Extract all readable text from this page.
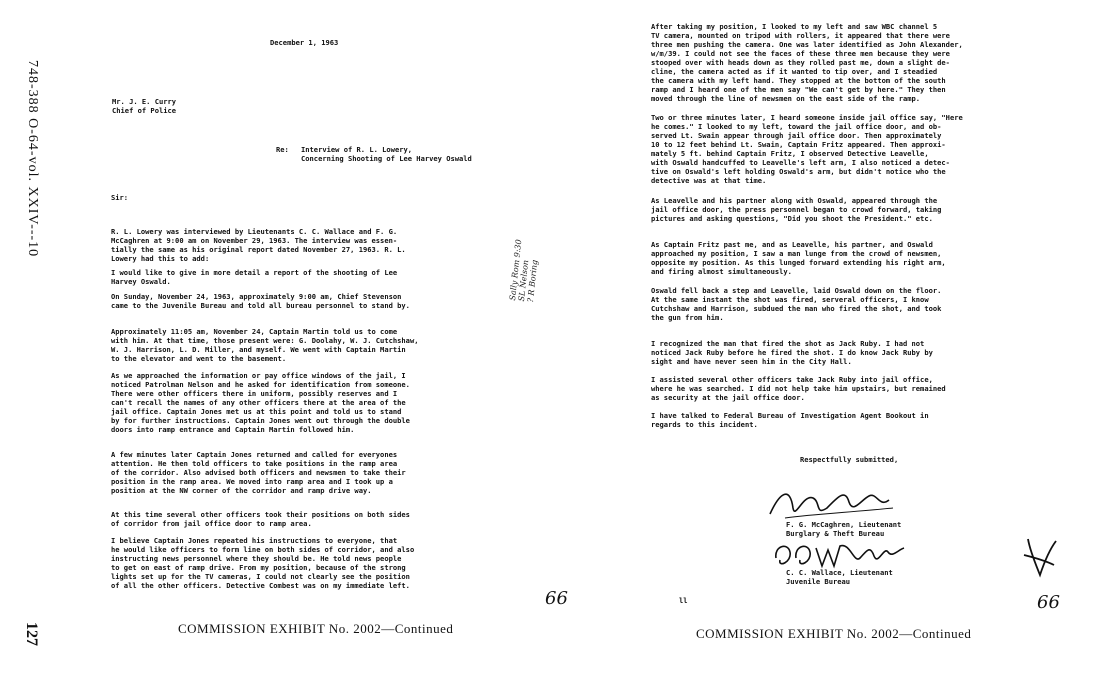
748-388 O-64-vol. XXIV---10
127
December 1, 1963
Mr. J. E. Curry
Chief of Police
Re: Interview of R. L. Lowery,
Concerning Shooting of Lee Harvey Oswald
Sir:
R. L. Lowery was interviewed by Lieutenants C. C. Wallace and F. G.
McCaghren at 9:00 am on November 29, 1963. The interview was essen-
tially the same as his original report dated November 27, 1963. R. L.
Lowery had this to add:
I would like to give in more detail a report of the shooting of Lee
Harvey Oswald.
On Sunday, November 24, 1963, approximately 9:00 am, Chief Stevenson
came to the Juvenile Bureau and told all bureau personnel to stand by.
Approximately 11:05 am, November 24, Captain Martin told us to come
with him. At that time, those present were: G. Doolahy, W. J. Cutchshaw,
W. J. Harrison, L. D. Miller, and myself. We went with Captain Martin
to the elevator and went to the basement.
As we approached the information or pay office windows of the jail, I
noticed Patrolman Nelson and he asked for identification from someone.
There were other officers there in uniform, possibly reserves and I
can't recall the names of any other officers there at the area of the
jail office. Captain Jones met us at this point and told us to stand
by for further instructions. Captain Jones went out through the double
doors into ramp entrance and Captain Martin followed him.
A few minutes later Captain Jones returned and called for everyones
attention. He then told officers to take positions in the ramp area
of the corridor. Also advised both officers and newsmen to take their
position in the ramp area. We moved into ramp area and I took up a
position at the NW corner of the corridor and ramp drive way.
At this time several other officers took their positions on both sides
of corridor from jail office door to ramp area.
I believe Captain Jones repeated his instructions to everyone, that
he would like officers to form line on both sides of corridor, and also
instructing news personnel where they should be. He told news people
to get on east of ramp drive. From my position, because of the strong
lights set up for the TV cameras, I could not clearly see the position
of all the other officers. Detective Combest was on my immediate left.
Sally Rom 9:30
SL Nelson
? R Boring
66
COMMISSION EXHIBIT No. 2002—Continued
After taking my position, I looked to my left and saw WBC channel 5
TV camera, mounted on tripod with rollers, it appeared that there were
three men pushing the camera. One was later identified as John Alexander,
w/m/39. I could not see the faces of these three men because they were
stooped over with heads down as they rolled past me, down a slight de-
cline, the camera acted as if it wanted to tip over, and I steadied
the camera with my left hand. They stopped at the bottom of the south
ramp and I heard one of the men say "We can't get by here." They then
moved through the line of newsmen on the east side of the ramp.
Two or three minutes later, I heard someone inside jail office say, "Here
he comes." I looked to my left, toward the jail office door, and ob-
served Lt. Swain appear through jail office door. Then approximately
10 to 12 feet behind Lt. Swain, Captain Fritz appeared. Then approxi-
mately 5 ft. behind Captain Fritz, I observed Detective Leavelle,
with Oswald handcuffed to Leavelle's left arm, I also noticed a detec-
tive on Oswald's left holding Oswald's arm, but didn't notice who the
detective was at that time.
As Leavelle and his partner along with Oswald, appeared through the
jail office door, the press personnel began to crowd forward, taking
pictures and asking questions, "Did you shoot the President." etc.
As Captain Fritz past me, and as Leavelle, his partner, and Oswald
approached my position, I saw a man lunge from the crowd of newsmen,
opposite my position. As this lunged forward extending his right arm,
and firing almost simultaneously.
Oswald fell back a step and Leavelle, laid Oswald down on the floor.
At the same instant the shot was fired, serveral officers, I know
Cutchshaw and Harrison, subdued the man who fired the shot, and took
the gun from him.
I recognized the man that fired the shot as Jack Ruby. I had not
noticed Jack Ruby before he fired the shot. I do know Jack Ruby by
sight and have never seen him in the City Hall.
I assisted several other officers take Jack Ruby into jail office,
where he was searched. I did not help take him upstairs, but remained
as security at the jail office door.
I have talked to Federal Bureau of Investigation Agent Bookout in
regards to this incident.
Respectfully submitted,
F. G. McCaghren, Lieutenant
Burglary & Theft Bureau
C. C. Wallace, Lieutenant
Juvenile Bureau
ll	66
COMMISSION EXHIBIT No. 2002—Continued
